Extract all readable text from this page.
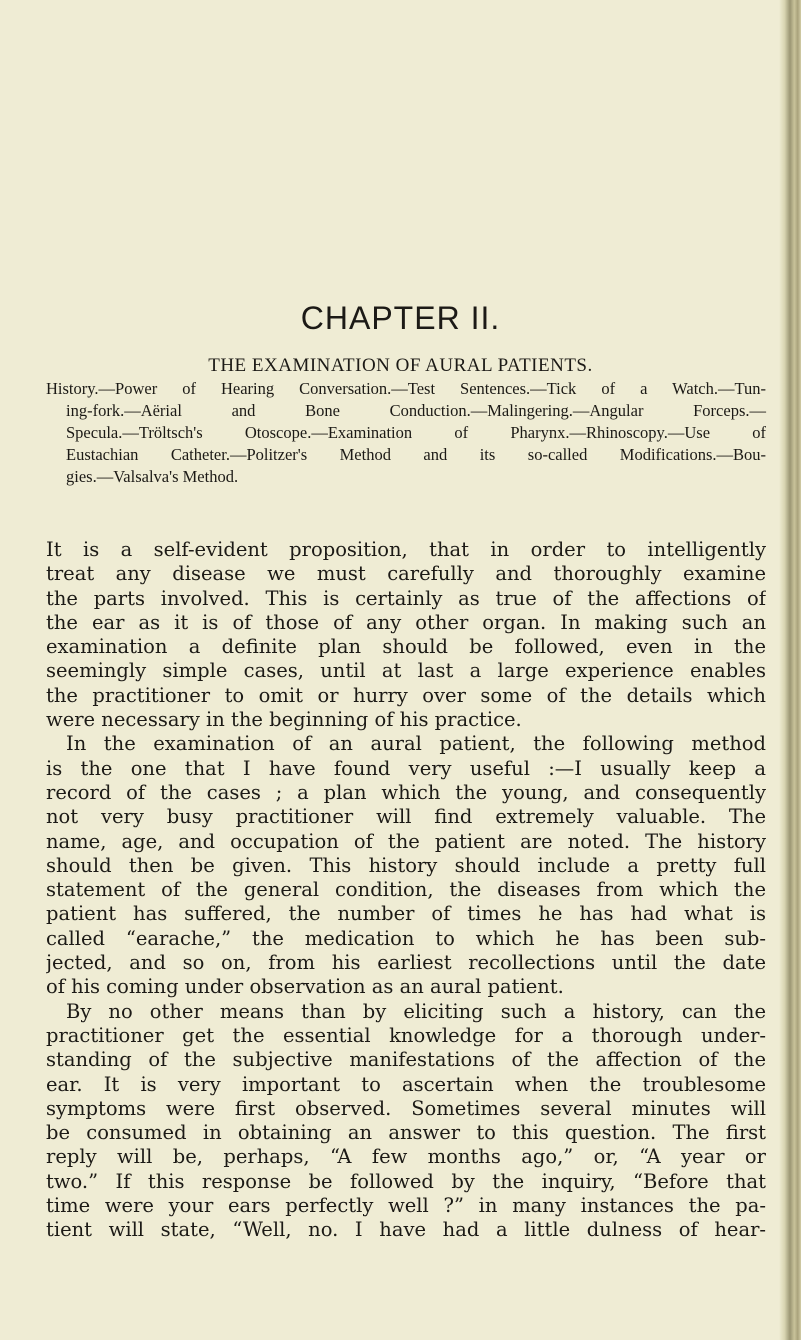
CHAPTER II.
THE EXAMINATION OF AURAL PATIENTS.
History.—Power of Hearing Conversation.—Test Sentences.—Tick of a Watch.—Tun-
ing-fork.—Aërial and Bone Conduction.—Malingering.—Angular Forceps.—
Specula.—Tröltsch's Otoscope.—Examination of Pharynx.—Rhinoscopy.—Use of
Eustachian Catheter.—Politzer's Method and its so-called Modifications.—Bou-
gies.—Valsalva's Method.
It is a self-evident proposition, that in order to intelligently
treat any disease we must carefully and thoroughly examine
the parts involved. This is certainly as true of the affections of
the ear as it is of those of any other organ. In making such an
examination a definite plan should be followed, even in the
seemingly simple cases, until at last a large experience enables
the practitioner to omit or hurry over some of the details which
were necessary in the beginning of his practice.
In the examination of an aural patient, the following method
is the one that I have found very useful :—I usually keep a
record of the cases ; a plan which the young, and consequently
not very busy practitioner will find extremely valuable. The
name, age, and occupation of the patient are noted. The history
should then be given. This history should include a pretty full
statement of the general condition, the diseases from which the
patient has suffered, the number of times he has had what is
called “earache,” the medication to which he has been sub-
jected, and so on, from his earliest recollections until the date
of his coming under observation as an aural patient.
By no other means than by eliciting such a history, can the
practitioner get the essential knowledge for a thorough under-
standing of the subjective manifestations of the affection of the
ear. It is very important to ascertain when the troublesome
symptoms were first observed. Sometimes several minutes will
be consumed in obtaining an answer to this question. The first
reply will be, perhaps, “A few months ago,” or, “A year or
two.” If this response be followed by the inquiry, “Before that
time were your ears perfectly well ?” in many instances the pa-
tient will state, “Well, no. I have had a little dulness of hear-
